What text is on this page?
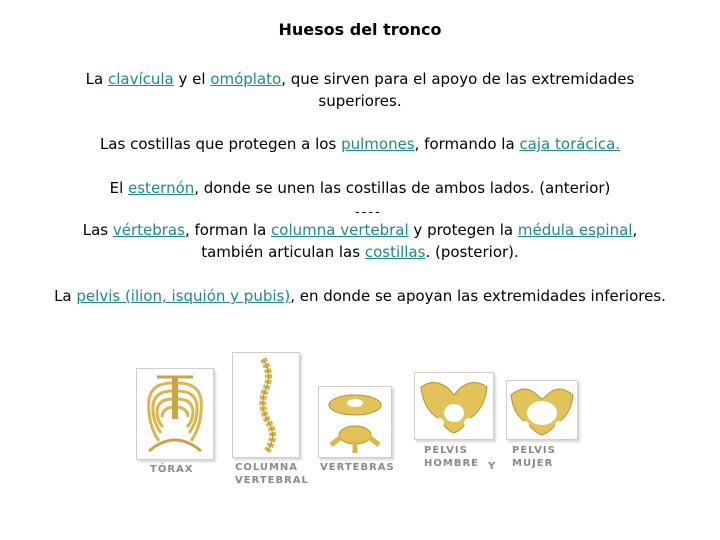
Huesos del tronco
La clavícula y el omóplato, que sirven para el apoyo de las extremidades superiores.
Las costillas que protegen a los pulmones, formando la caja torácica.
El esternón, donde se unen las costillas de ambos lados. (anterior)
----
Las vértebras, forman la columna vertebral y protegen la médula espinal, también articulan las costillas. (posterior).
La pelvis (ilion, isquión y pubis), en donde se apoyan las extremidades inferiores.
TÓRAX	COLUMNA
VERTEBRAL
VERTEBRAS
PELVIS
HOMBRE Y
PELVIS
MUJER
